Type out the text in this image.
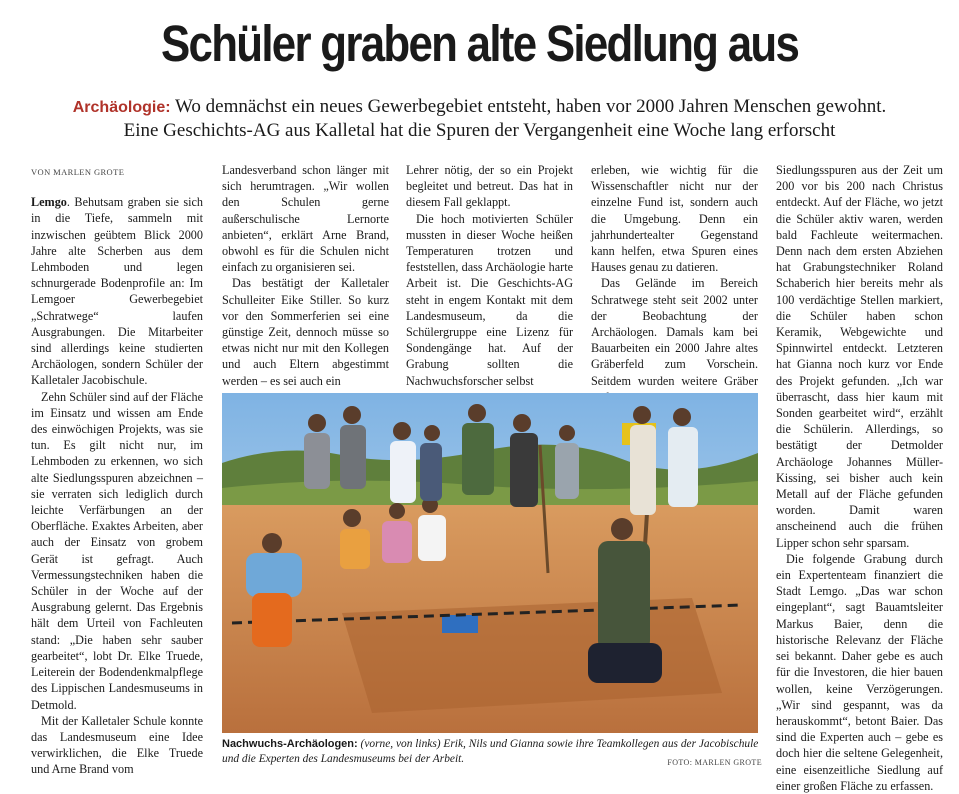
Schüler graben alte Siedlung aus

Archäologie: Wo demnächst ein neues Gewerbegebiet entsteht, haben vor 2000 Jahren Menschen gewohnt.

Eine Geschichts-AG aus Kalletal hat die Spuren der Vergangenheit eine Woche lang erforscht

VON MARLEN GROTE

Lemgo. Behutsam graben sie sich in die Tiefe, sammeln mit inzwischen geübtem Blick 2000 Jahre alte Scherben aus dem Lehmboden und legen schnurgerade Bodenprofile an: Im Lemgoer Gewerbegebiet „Schratwege“ laufen Ausgrabungen. Die Mitarbeiter sind allerdings keine studierten Archäologen, sondern Schüler der Kalletaler Jacobischule.

Zehn Schüler sind auf der Fläche im Einsatz und wissen am Ende des einwöchigen Projekts, was sie tun. Es gilt nicht nur, im Lehmboden zu erkennen, wo sich alte Siedlungsspuren abzeichnen – sie verraten sich lediglich durch leichte Verfärbungen an der Oberfläche. Exaktes Arbeiten, aber auch der Einsatz von grobem Gerät ist gefragt. Auch Vermessungstechniken haben die Schüler in der Woche auf der Ausgrabung gelernt. Das Ergebnis hält dem Urteil von Fachleuten stand: „Die haben sehr sauber gearbeitet“, lobt Dr. Elke Truede, Leiterein der Bodendenkmalpflege des Lippischen Landesmuseums in Detmold.

Mit der Kalletaler Schule konnte das Landesmuseum eine Idee verwirklichen, die Elke Truede und Arne Brand vom

Landesverband schon länger mit sich herumtragen. „Wir wollen den Schulen gerne außerschulische Lernorte anbieten“, erklärt Arne Brand, obwohl es für die Schulen nicht einfach zu organisieren sei.

Das bestätigt der Kalletaler Schulleiter Eike Stiller. So kurz vor den Sommerferien sei eine günstige Zeit, dennoch müsse so etwas nicht nur mit den Kollegen und auch Eltern abgestimmt werden – es sei auch ein

Lehrer nötig, der so ein Projekt begleitet und betreut. Das hat in diesem Fall geklappt.

Die hoch motivierten Schüler mussten in dieser Woche heißen Temperaturen trotzen und feststellen, dass Archäologie harte Arbeit ist. Die Geschichts-AG steht in engem Kontakt mit dem Landesmuseum, da die Schülergruppe eine Lizenz für Sondengänge hat. Auf der Grabung sollten die Nachwuchsforscher selbst

erleben, wie wichtig für die Wissenschaftler nicht nur der einzelne Fund ist, sondern auch die Umgebung. Denn ein jahrhundertealter Gegenstand kann helfen, etwa Spuren eines Hauses genau zu datieren.

Das Gelände im Bereich Schratwege steht seit 2002 unter der Beobachtung der Archäologen. Damals kam bei Bauarbeiten ein 2000 Jahre altes Gräberfeld zum Vorschein. Seitdem wurden weitere Gräber

Siedlungsspuren aus der Zeit um 200 vor bis 200 nach Christus entdeckt. Auf der Fläche, wo jetzt die Schüler aktiv waren, werden bald Fachleute weitermachen. Denn nach dem ersten Abziehen hat Grabungstechniker Roland Schaberich hier bereits mehr als 100 verdächtige Stellen markiert, die Schüler haben schon Keramik, Webgewichte und Spinnwirtel entdeckt. Letzteren hat Gianna noch kurz vor Ende des Projekt gefunden. „Ich war überrascht, dass hier kaum mit Sonden gearbeitet wird“, erzählt die Schülerin. Allerdings, so bestätigt der Detmolder Archäologe Johannes Müller-Kissing, sei bisher auch kein Metall auf der Fläche gefunden worden. Damit waren anscheinend auch die frühen Lipper schon sehr sparsam.

Die folgende Grabung durch ein Expertenteam finanziert die Stadt Lemgo. „Das war schon eingeplant“, sagt Bauamtsleiter Markus Baier, denn die historische Relevanz der Fläche sei bekannt. Daher gebe es auch für die Investoren, die hier bauen wollen, keine Verzögerungen. „Wir sind gespannt, was da herauskommt“, betont Baier. Das sind die Experten auch – gebe es doch hier die seltene Gelegenheit, eine eisenzeitliche Siedlung auf einer großen Fläche zu erfassen.

Nachwuchs-Archäologen: (vorne, von links) Erik, Nils und Gianna sowie ihre Teamkollegen aus der Jacobischule und die Experten des Landesmuseums bei der Arbeit.	FOTO: MARLEN GROTE
